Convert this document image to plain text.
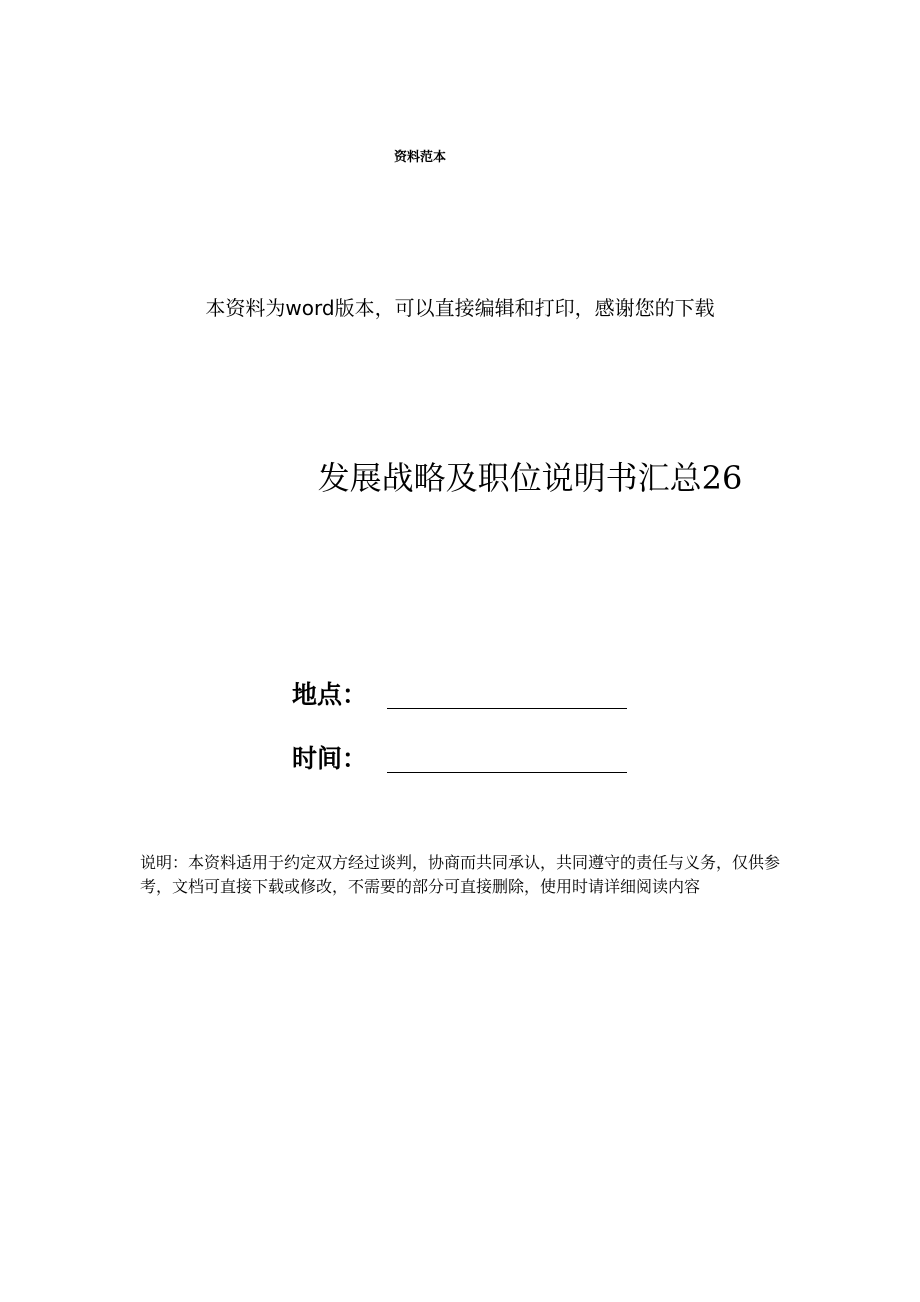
资料范本
本资料为word版本，可以直接编辑和打印，感谢您的下载
发展战略及职位说明书汇总26
地点：
时间：
说明：本资料适用于约定双方经过谈判，协商而共同承认，共同遵守的责任与义务，仅供参考，文档可直接下载或修改，不需要的部分可直接删除，使用时请详细阅读内容
